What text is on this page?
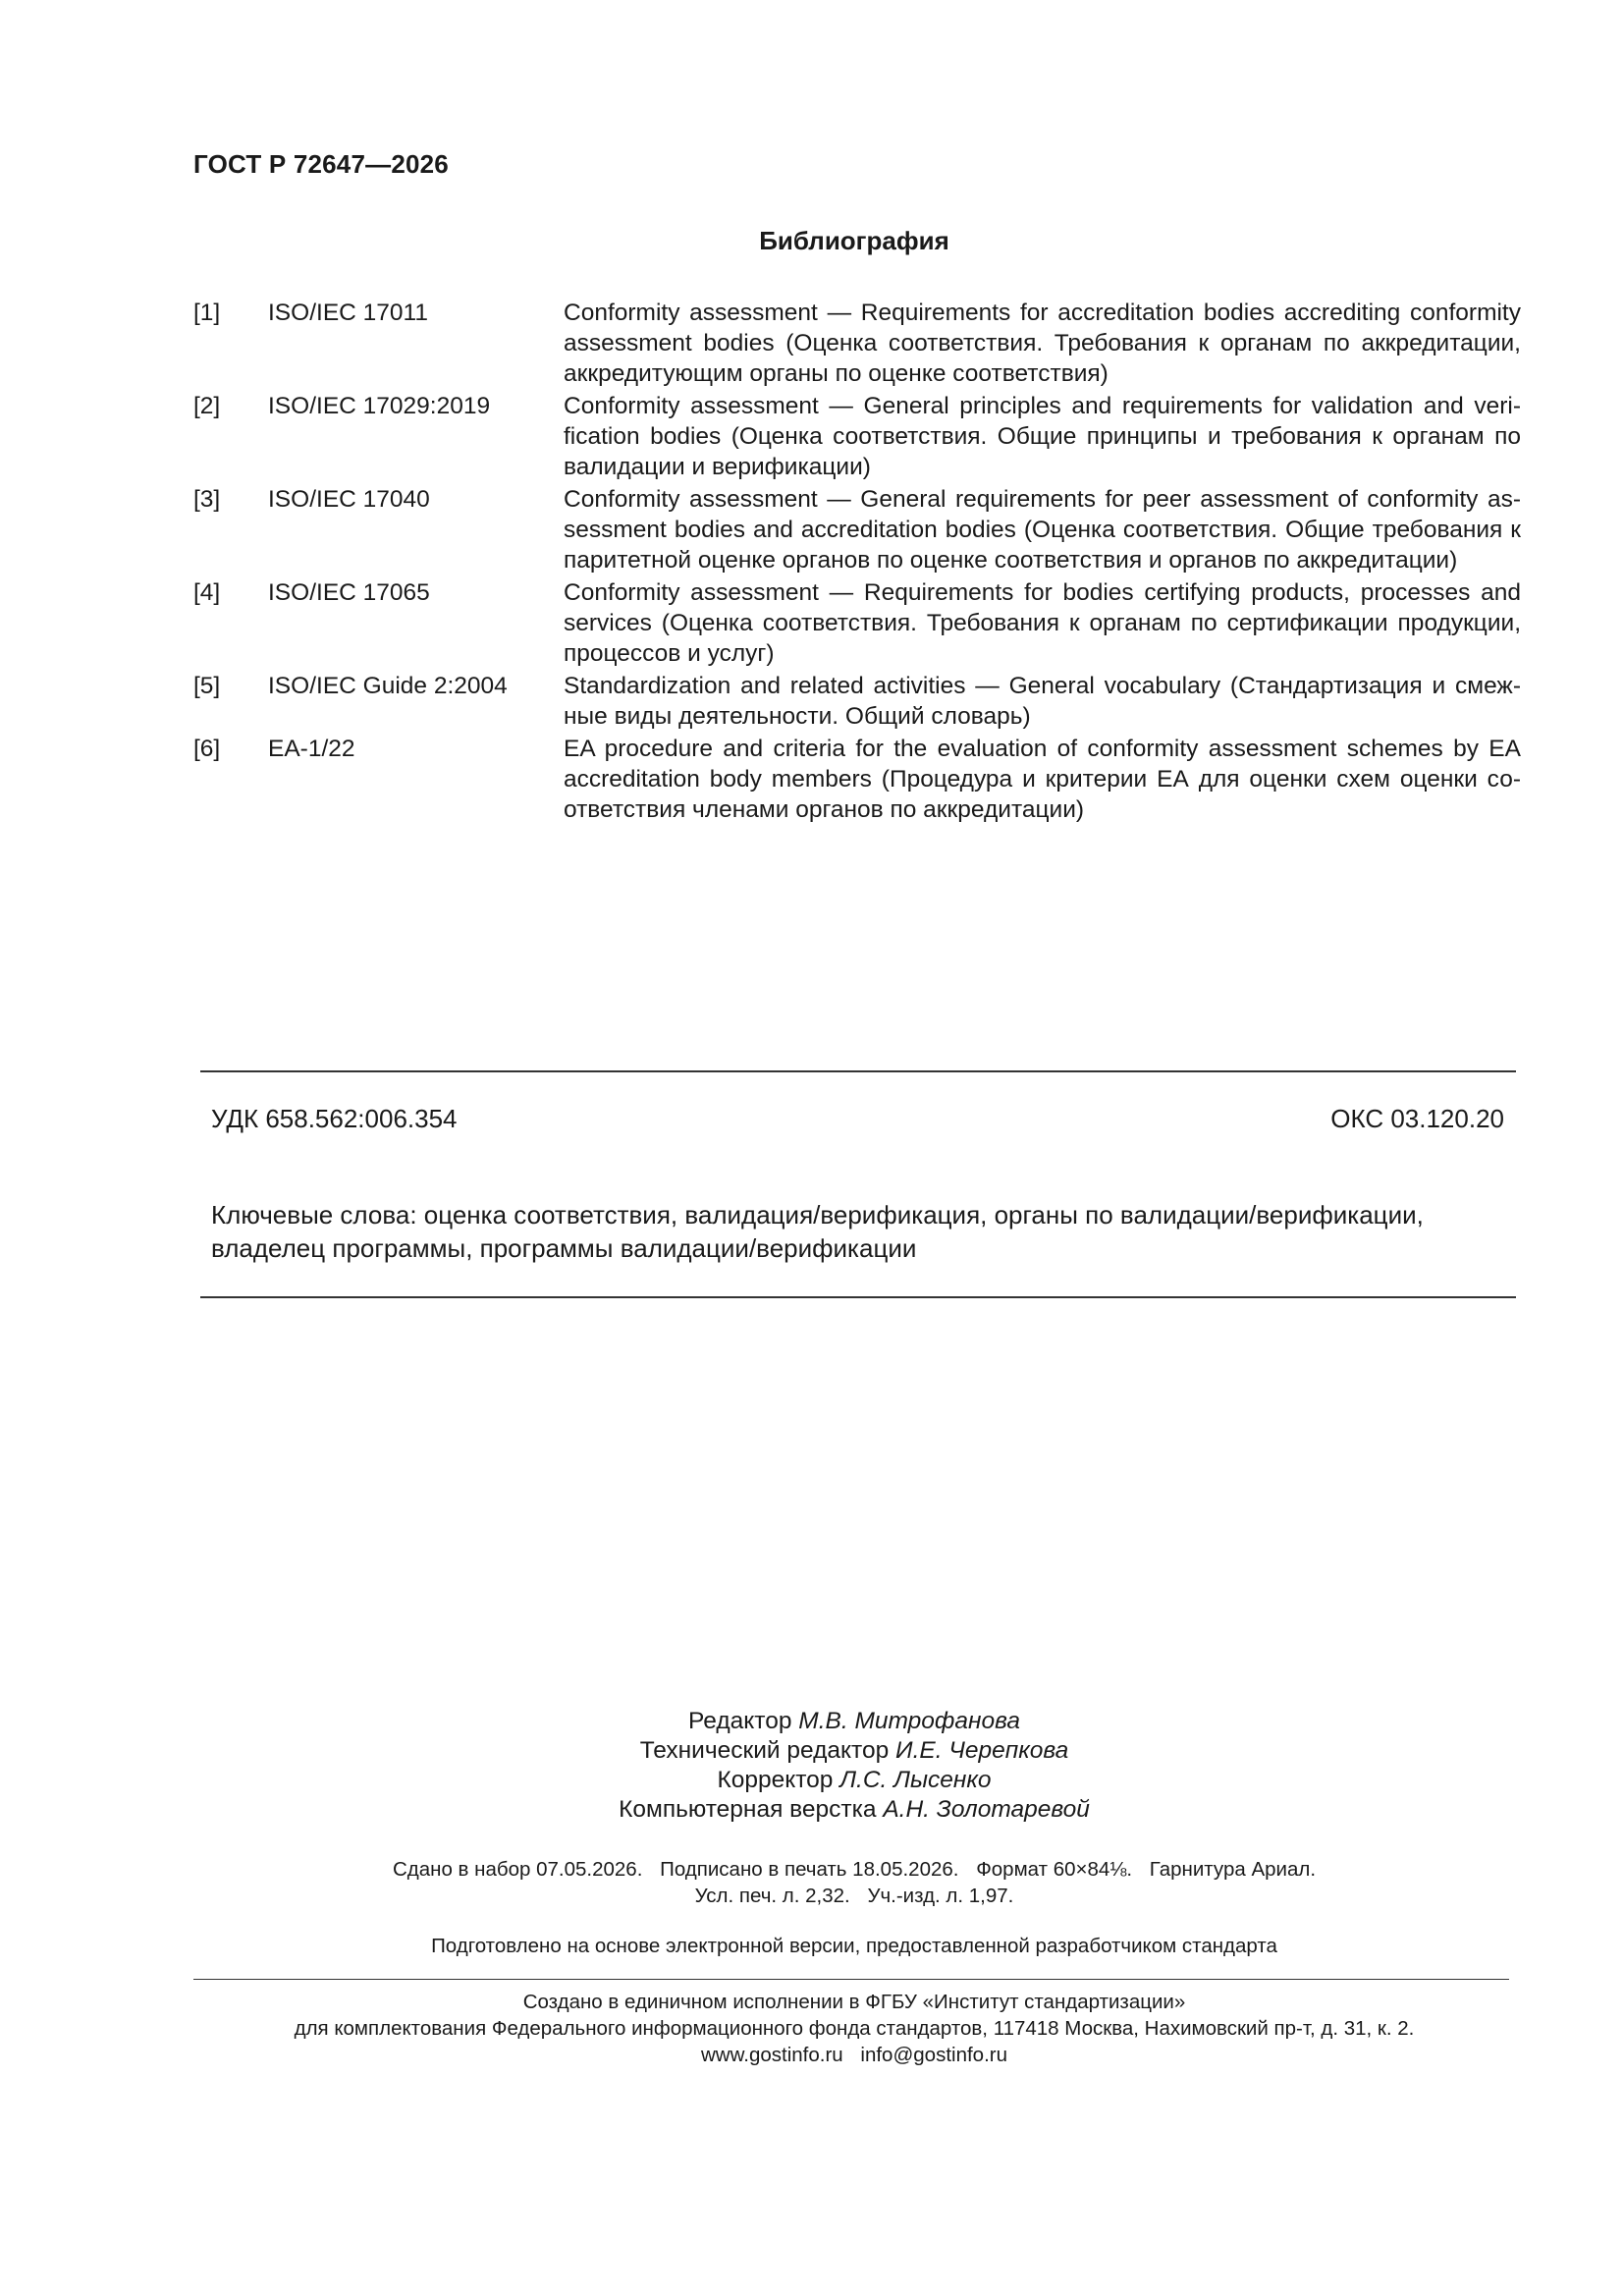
ГОСТ Р 72647—2026
Библиография
[1]	ISO/IEC 17011	Conformity assessment — Requirements for accreditation bodies accrediting conformity assessment bodies (Оценка соответствия. Требования к органам по аккредитации, аккредитующим органы по оценке соответствия)
[2]	ISO/IEC 17029:2019	Conformity assessment — General principles and requirements for validation and verification bodies (Оценка соответствия. Общие принципы и требования к органам по валидации и верификации)
[3]	ISO/IEC 17040	Conformity assessment — General requirements for peer assessment of conformity assessment bodies and accreditation bodies (Оценка соответствия. Общие требования к паритетной оценке органов по оценке соответствия и органов по аккредитации)
[4]	ISO/IEC 17065	Conformity assessment — Requirements for bodies certifying products, processes and services (Оценка соответствия. Требования к органам по сертификации продукции, процессов и услуг)
[5]	ISO/IEC Guide 2:2004	Standardization and related activities — General vocabulary (Стандартизация и смежные виды деятельности. Общий словарь)
[6]	EA-1/22	EA procedure and criteria for the evaluation of conformity assessment schemes by EA accreditation body members (Процедура и критерии ЕА для оценки схем оценки соответствия членами органов по аккредитации)
УДК 658.562:006.354	ОКС 03.120.20
Ключевые слова: оценка соответствия, валидация/верификация, органы по валидации/верификации, владелец программы, программы валидации/верификации
Редактор М.В. Митрофанова
Технический редактор И.Е. Черепкова
Корректор Л.С. Лысенко
Компьютерная верстка А.Н. Золотаревой
Сдано в набор 07.05.2026. Подписано в печать 18.05.2026. Формат 60×84⅛. Гарнитура Ариал.
Усл. печ. л. 2,32. Уч.-изд. л. 1,97.
Подготовлено на основе электронной версии, предоставленной разработчиком стандарта
Создано в единичном исполнении в ФГБУ «Институт стандартизации»
для комплектования Федерального информационного фонда стандартов, 117418 Москва, Нахимовский пр-т, д. 31, к. 2.
www.gostinfo.ru info@gostinfo.ru
